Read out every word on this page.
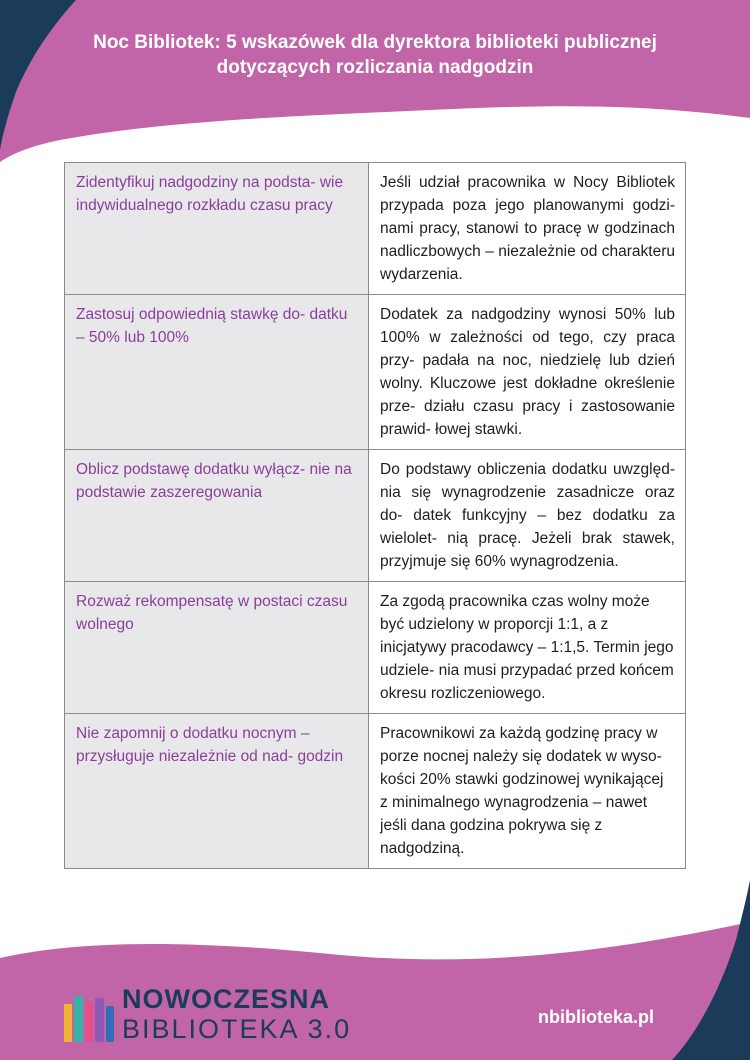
Noc Bibliotek: 5 wskazówek dla dyrektora biblioteki publicznej
dotyczących rozliczania nadgodzin
Zidentyfikuj nadgodziny na podsta- wie indywidualnego rozkładu czasu pracy	Jeśli udział pracownika w Nocy Bibliotek przypada poza jego planowanymi godzi- nami pracy, stanowi to pracę w godzinach nadliczbowych – niezależnie od charakteru wydarzenia.
Zastosuj odpowiednią stawkę do- datku – 50% lub 100%	Dodatek za nadgodziny wynosi 50% lub 100% w zależności od tego, czy praca przy- padała na noc, niedzielę lub dzień wolny. Kluczowe jest dokładne określenie prze- działu czasu pracy i zastosowanie prawid- łowej stawki.
Oblicz podstawę dodatku wyłącz- nie na podstawie zaszeregowania	Do podstawy obliczenia dodatku uwzględ- nia się wynagrodzenie zasadnicze oraz do- datek funkcyjny – bez dodatku za wielolet- nią pracę. Jeżeli brak stawek, przyjmuje się 60% wynagrodzenia.
Rozważ rekompensatę w postaci czasu wolnego	Za zgodą pracownika czas wolny może być udzielony w proporcji 1:1, a z inicjatywy pracodawcy – 1:1,5. Termin jego udziele- nia musi przypadać przed końcem okresu rozliczeniowego.
Nie zapomnij o dodatku nocnym – przysługuje niezależnie od nad- godzin	Pracownikowi za każdą godzinę pracy w porze nocnej należy się dodatek w wyso- kości 20% stawki godzinowej wynikającej z minimalnego wynagrodzenia – nawet jeśli dana godzina pokrywa się z nadgodziną.
NOWOCZESNA
BIBLIOTEKA 3.0	nbiblioteka.pl
